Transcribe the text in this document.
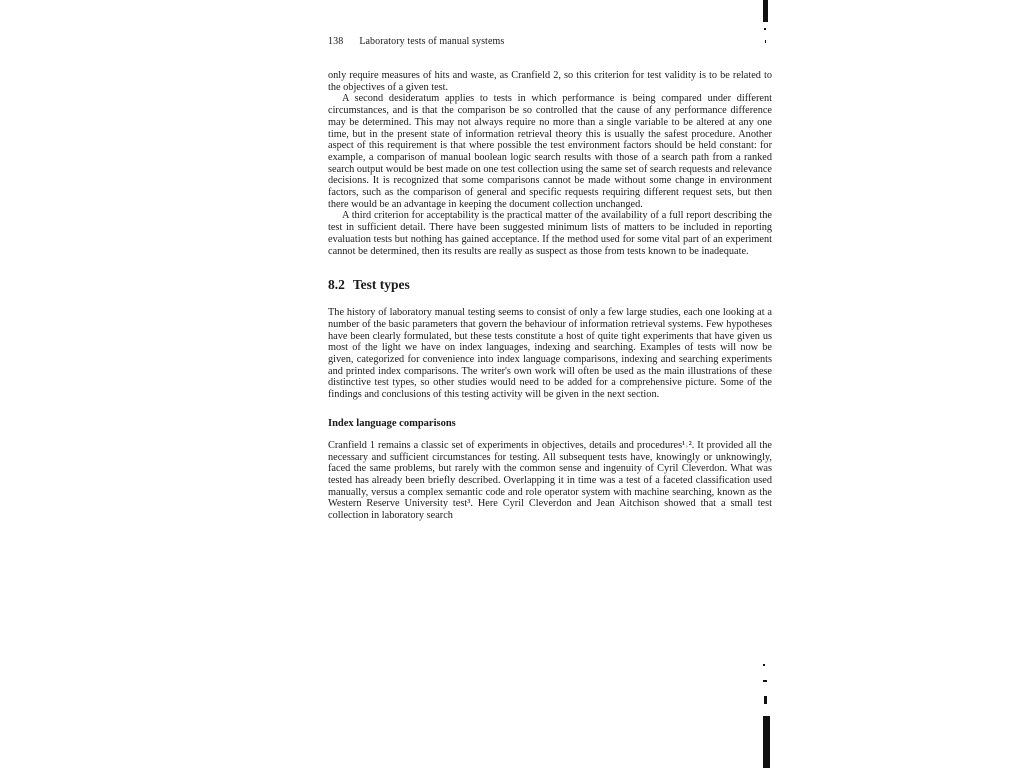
138 Laboratory tests of manual systems

only require measures of hits and waste, as Cranfield 2, so this criterion for test validity is to be related to the objectives of a given test.

A second desideratum applies to tests in which performance is being compared under different circumstances, and is that the comparison be so controlled that the cause of any performance difference may be determined. This may not always require no more than a single variable to be altered at any one time, but in the present state of information retrieval theory this is usually the safest procedure. Another aspect of this requirement is that where possible the test environment factors should be held constant: for example, a comparison of manual boolean logic search results with those of a search path from a ranked search output would be best made on one test collection using the same set of search requests and relevance decisions. It is recognized that some comparisons cannot be made without some change in environment factors, such as the comparison of general and specific requests requiring different request sets, but then there would be an advantage in keeping the document collection unchanged.

A third criterion for acceptability is the practical matter of the availability of a full report describing the test in sufficient detail. There have been suggested minimum lists of matters to be included in reporting evaluation tests but nothing has gained acceptance. If the method used for some vital part of an experiment cannot be determined, then its results are really as suspect as those from tests known to be inadequate.

8.2 Test types

The history of laboratory manual testing seems to consist of only a few large studies, each one looking at a number of the basic parameters that govern the behaviour of information retrieval systems. Few hypotheses have been clearly formulated, but these tests constitute a host of quite tight experiments that have given us most of the light we have on index languages, indexing and searching. Examples of tests will now be given, categorized for convenience into index language comparisons, indexing and searching experiments and printed index comparisons. The writer's own work will often be used as the main illustrations of these distinctive test types, so other studies would need to be added for a comprehensive picture. Some of the findings and conclusions of this testing activity will be given in the next section.

Index language comparisons

Cranfield 1 remains a classic set of experiments in objectives, details and procedures¹˒². It provided all the necessary and sufficient circumstances for testing. All subsequent tests have, knowingly or unknowingly, faced the same problems, but rarely with the common sense and ingenuity of Cyril Cleverdon. What was tested has already been briefly described. Overlapping it in time was a test of a faceted classification used manually, versus a complex semantic code and role operator system with machine searching, known as the Western Reserve University test³. Here Cyril Cleverdon and Jean Aitchison showed that a small test collection in laboratory search
